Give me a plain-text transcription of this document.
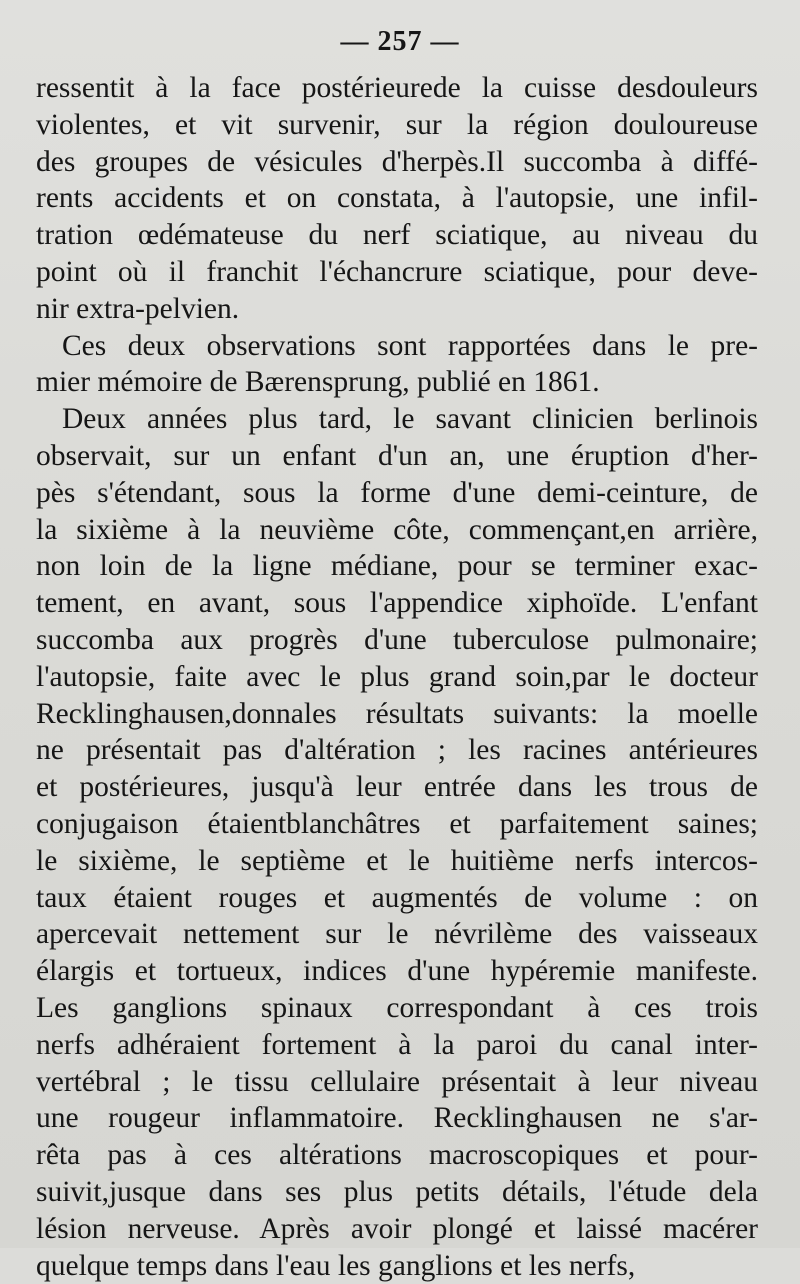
— 257 —

ressentit à la face postérieurede la cuisse desdouleurs
violentes, et vit survenir, sur la région douloureuse
des groupes de vésicules d'herpès.Il succomba à diffé-
rents accidents et on constata, à l'autopsie, une infil-
tration œdémateuse du nerf sciatique, au niveau du
point où il franchit l'échancrure sciatique, pour deve-
nir extra-pelvien.

Ces deux observations sont rapportées dans le pre-
mier mémoire de Bærensprung, publié en 1861.

Deux années plus tard, le savant clinicien berlinois
observait, sur un enfant d'un an, une éruption d'her-
pès s'étendant, sous la forme d'une demi-ceinture, de
la sixième à la neuvième côte, commençant,en arrière,
non loin de la ligne médiane, pour se terminer exac-
tement, en avant, sous l'appendice xiphoïde. L'enfant
succomba aux progrès d'une tuberculose pulmonaire;
l'autopsie, faite avec le plus grand soin,par le docteur
Recklinghausen,donnales résultats suivants: la moelle
ne présentait pas d'altération ; les racines antérieures
et postérieures, jusqu'à leur entrée dans les trous de
conjugaison étaientblanchâtres et parfaitement saines;
le sixième, le septième et le huitième nerfs intercos-
taux étaient rouges et augmentés de volume : on
apercevait nettement sur le névrilème des vaisseaux
élargis et tortueux, indices d'une hypéremie manifeste.
Les ganglions spinaux correspondant à ces trois
nerfs adhéraient fortement à la paroi du canal inter-
vertébral ; le tissu cellulaire présentait à leur niveau
une rougeur inflammatoire. Recklinghausen ne s'ar-
rêta pas à ces altérations macroscopiques et pour-
suivit,jusque dans ses plus petits détails, l'étude dela
lésion nerveuse. Après avoir plongé et laissé macérer
quelque temps dans l'eau les ganglions et les nerfs,
